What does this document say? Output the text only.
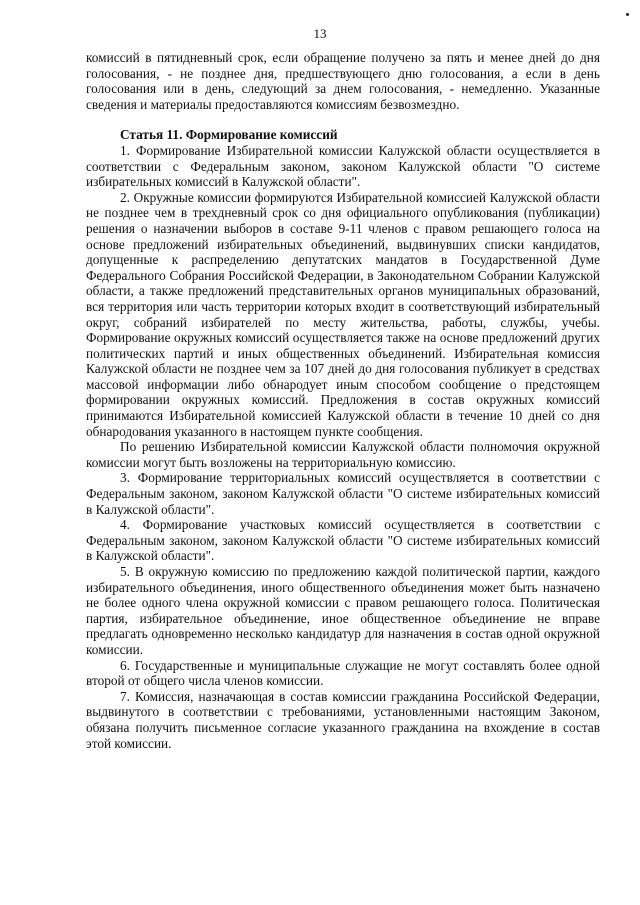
13

комиссий в пятидневный срок, если обращение получено за пять и менее дней до дня голосования, - не позднее дня, предшествующего дню голосования, а если в день голосования или в день, следующий за днем голосования, - немедленно. Указанные сведения и материалы предоставляются комиссиям безвозмездно.

Статья 11. Формирование комиссий

1. Формирование Избирательной комиссии Калужской области осуществляется в соответствии с Федеральным законом, законом Калужской области "О системе избирательных комиссий в Калужской области".

2. Окружные комиссии формируются Избирательной комиссией Калужской области не позднее чем в трехдневный срок со дня официального опубликования (публикации) решения о назначении выборов в составе 9-11 членов с правом решающего голоса на основе предложений избирательных объединений, выдвинувших списки кандидатов, допущенные к распределению депутатских мандатов в Государственной Думе Федерального Собрания Российской Федерации, в Законодательном Собрании Калужской области, а также предложений представительных органов муниципальных образований, вся территория или часть территории которых входит в соответствующий избирательный округ, собраний избирателей по месту жительства, работы, службы, учебы. Формирование окружных комиссий осуществляется также на основе предложений других политических партий и иных общественных объединений. Избирательная комиссия Калужской области не позднее чем за 107 дней до дня голосования публикует в средствах массовой информации либо обнародует иным способом сообщение о предстоящем формировании окружных комиссий. Предложения в состав окружных комиссий принимаются Избирательной комиссией Калужской области в течение 10 дней со дня обнародования указанного в настоящем пункте сообщения.

По решению Избирательной комиссии Калужской области полномочия окружной комиссии могут быть возложены на территориальную комиссию.

3. Формирование территориальных комиссий осуществляется в соответствии с Федеральным законом, законом Калужской области "О системе избирательных комиссий в Калужской области".

4. Формирование участковых комиссий осуществляется в соответствии с Федеральным законом, законом Калужской области "О системе избирательных комиссий в Калужской области".

5. В окружную комиссию по предложению каждой политической партии, каждого избирательного объединения, иного общественного объединения может быть назначено не более одного члена окружной комиссии с правом решающего голоса. Политическая партия, избирательное объединение, иное общественное объединение не вправе предлагать одновременно несколько кандидатур для назначения в состав одной окружной комиссии.

6. Государственные и муниципальные служащие не могут составлять более одной второй от общего числа членов комиссии.

7. Комиссия, назначающая в состав комиссии гражданина Российской Федерации, выдвинутого в соответствии с требованиями, установленными настоящим Законом, обязана получить письменное согласие указанного гражданина на вхождение в состав этой комиссии.
